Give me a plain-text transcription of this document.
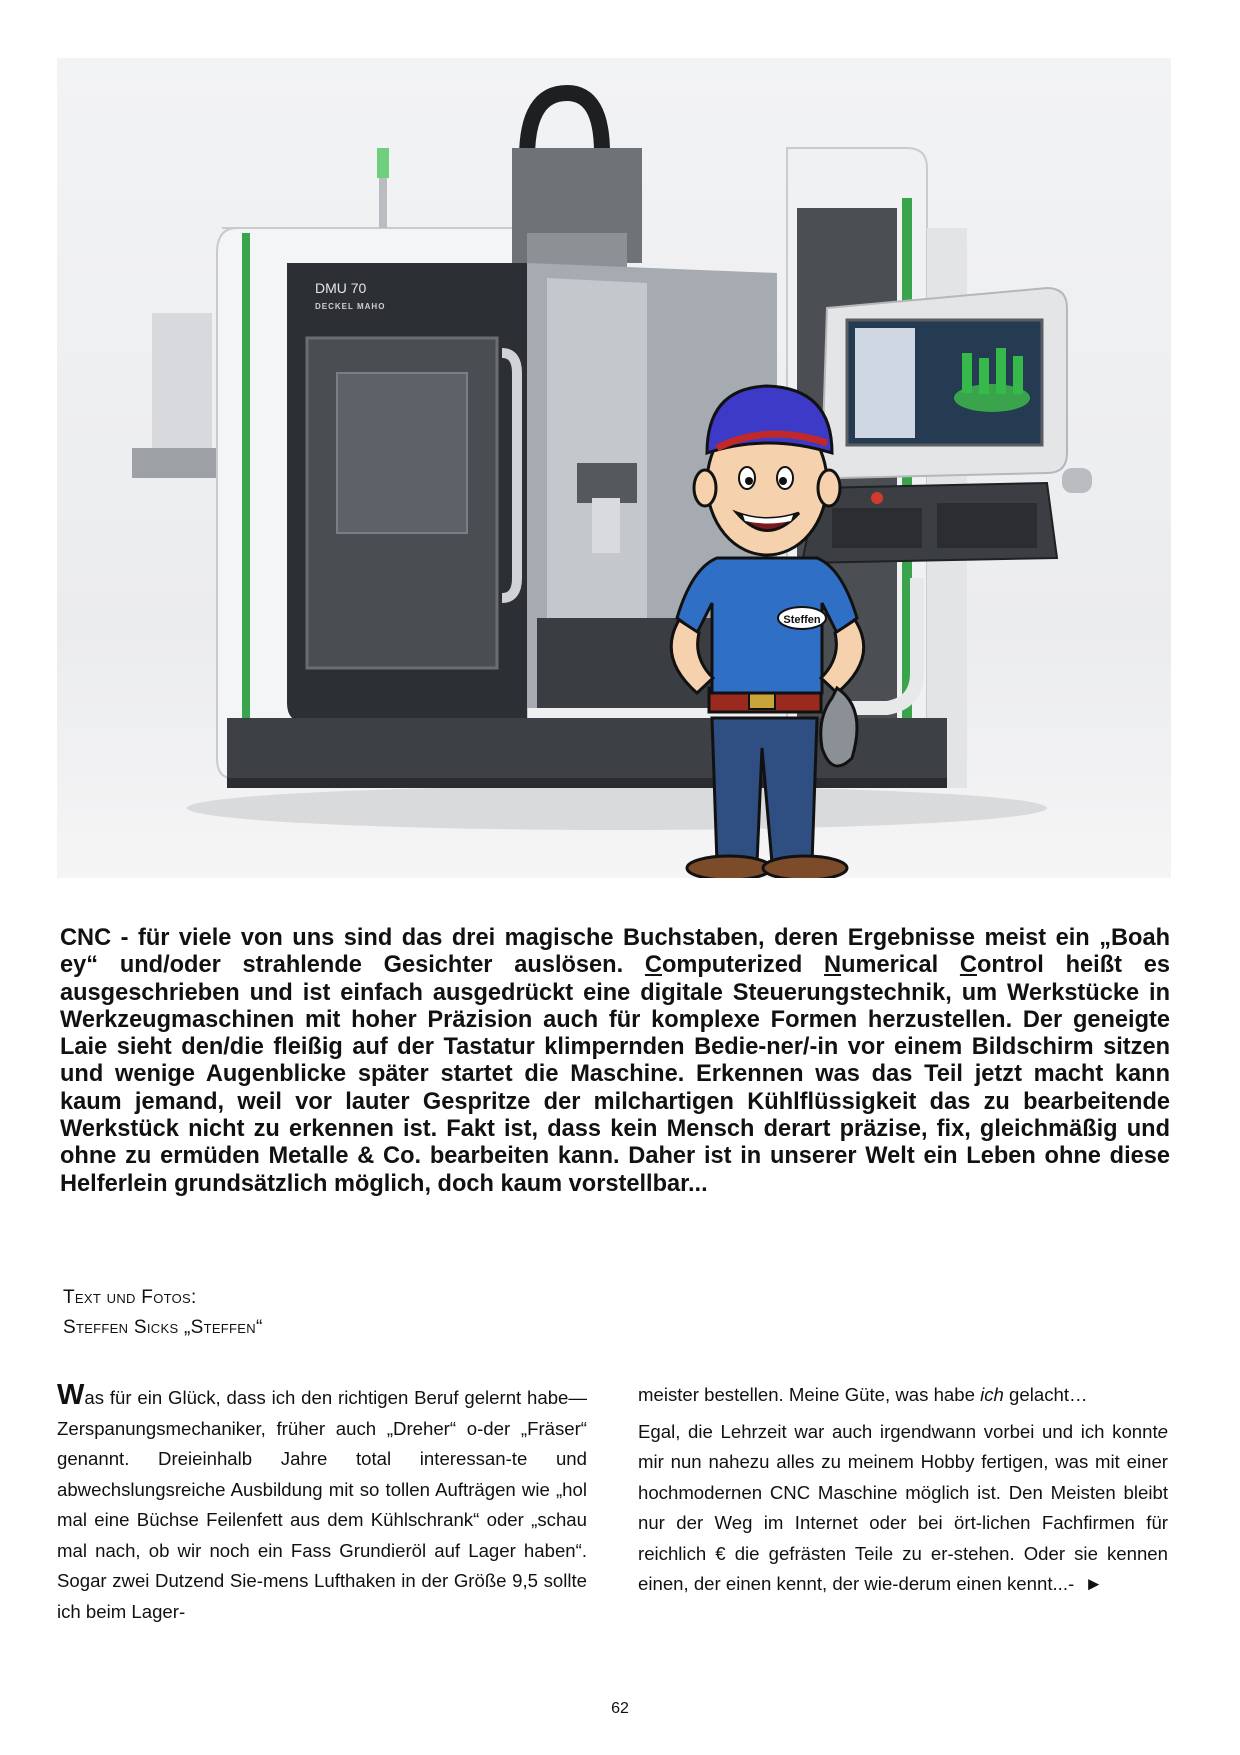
DMU 70
DECKEL MAHO
Steffen
CNC - für viele von uns sind das drei magische Buchstaben, deren Ergebnisse meist ein „Boah ey“ und/oder strahlende Gesichter auslösen. Computerized Numerical Control heißt es ausgeschrieben und ist einfach ausgedrückt eine digitale Steuerungstechnik, um Werkstücke in Werkzeugmaschinen mit hoher Präzision auch für komplexe Formen herzustellen. Der geneigte Laie sieht den/die fleißig auf der Tastatur klimpernden Bedie-ner/-in vor einem Bildschirm sitzen und wenige Augenblicke später startet die Maschine. Erkennen was das Teil jetzt macht kann kaum jemand, weil vor lauter Gespritze der milchartigen Kühlflüssigkeit das zu bearbeitende Werkstück nicht zu erkennen ist. Fakt ist, dass kein Mensch derart präzise, fix, gleichmäßig und ohne zu ermüden Metalle & Co. bearbeiten kann. Daher ist in unserer Welt ein Leben ohne diese Helferlein grundsätzlich möglich, doch kaum vorstellbar...
Text und Fotos:
Steffen Sicks „Steffen“

Was für ein Glück, dass ich den richtigen Beruf gelernt habe— Zerspanungsmechaniker, früher auch „Dreher“ o-der „Fräser“ genannt. Dreieinhalb Jahre total interessan-te und abwechslungsreiche Ausbildung mit so tollen Aufträgen wie „hol mal eine Büchse Feilenfett aus dem Kühlschrank“ oder „schau mal nach, ob wir noch ein Fass Grundieröl auf Lager haben“. Sogar zwei Dutzend Sie-mens Lufthaken in der Größe 9,5 sollte ich beim Lager-

meister bestellen. Meine Güte, was habe ich gelacht…

Egal, die Lehrzeit war auch irgendwann vorbei und ich konnte mir nun nahezu alles zu meinem Hobby fertigen, was mit einer hochmodernen CNC Maschine möglich ist. Den Meisten bleibt nur der Weg im Internet oder bei ört-lichen Fachfirmen für reichlich € die gefrästen Teile zu er-stehen. Oder sie kennen einen, der einen kennt, der wie-derum einen kennt...- ►

62
